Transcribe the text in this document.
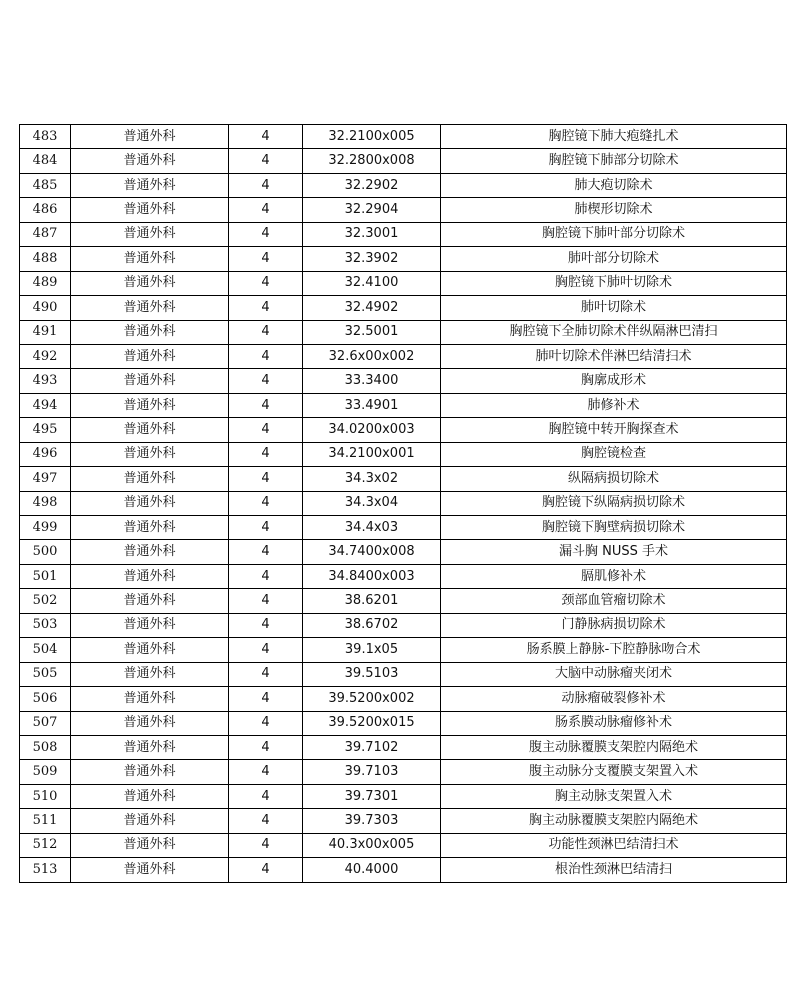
483	普通外科	4	32.2100x005	胸腔镜下肺大疱缝扎术
484	普通外科	4	32.2800x008	胸腔镜下肺部分切除术
485	普通外科	4	32.2902	肺大疱切除术
486	普通外科	4	32.2904	肺楔形切除术
487	普通外科	4	32.3001	胸腔镜下肺叶部分切除术
488	普通外科	4	32.3902	肺叶部分切除术
489	普通外科	4	32.4100	胸腔镜下肺叶切除术
490	普通外科	4	32.4902	肺叶切除术
491	普通外科	4	32.5001	胸腔镜下全肺切除术伴纵隔淋巴清扫
492	普通外科	4	32.6x00x002	肺叶切除术伴淋巴结清扫术
493	普通外科	4	33.3400	胸廓成形术
494	普通外科	4	33.4901	肺修补术
495	普通外科	4	34.0200x003	胸腔镜中转开胸探查术
496	普通外科	4	34.2100x001	胸腔镜检查
497	普通外科	4	34.3x02	纵隔病损切除术
498	普通外科	4	34.3x04	胸腔镜下纵隔病损切除术
499	普通外科	4	34.4x03	胸腔镜下胸壁病损切除术
500	普通外科	4	34.7400x008	漏斗胸 NUSS 手术
501	普通外科	4	34.8400x003	膈肌修补术
502	普通外科	4	38.6201	颈部血管瘤切除术
503	普通外科	4	38.6702	门静脉病损切除术
504	普通外科	4	39.1x05	肠系膜上静脉-下腔静脉吻合术
505	普通外科	4	39.5103	大脑中动脉瘤夹闭术
506	普通外科	4	39.5200x002	动脉瘤破裂修补术
507	普通外科	4	39.5200x015	肠系膜动脉瘤修补术
508	普通外科	4	39.7102	腹主动脉覆膜支架腔内隔绝术
509	普通外科	4	39.7103	腹主动脉分支覆膜支架置入术
510	普通外科	4	39.7301	胸主动脉支架置入术
511	普通外科	4	39.7303	胸主动脉覆膜支架腔内隔绝术
512	普通外科	4	40.3x00x005	功能性颈淋巴结清扫术
513	普通外科	4	40.4000	根治性颈淋巴结清扫
